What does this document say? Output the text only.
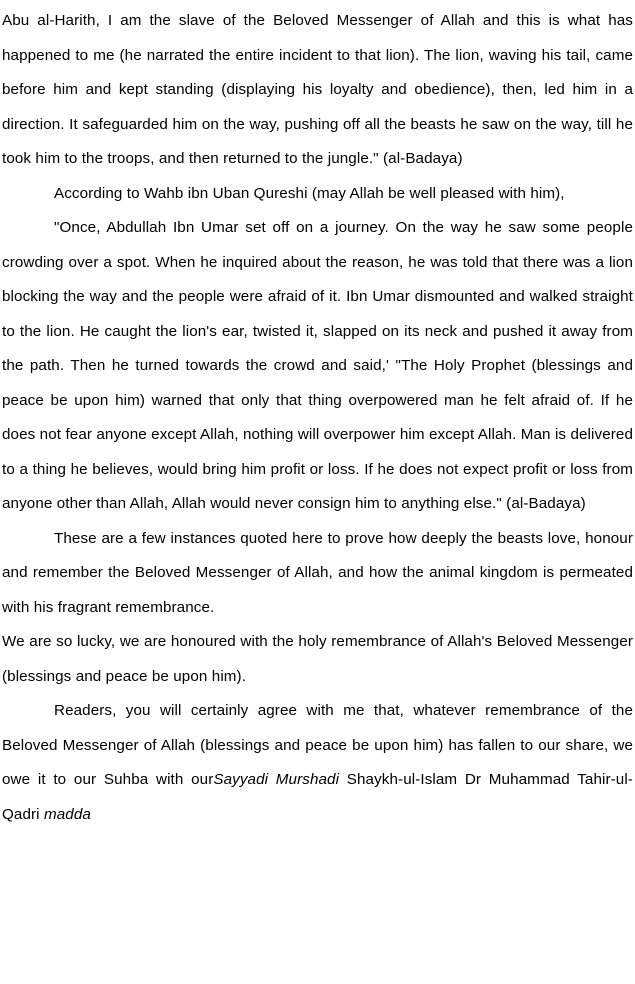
Abu al-Harith, I am the slave of the Beloved Messenger of Allah and this is what has happened to me (he narrated the entire incident to that lion). The lion, waving his tail, came before him and kept standing (displaying his loyalty and obedience), then, led him in a direction. It safeguarded him on the way, pushing off all the beasts he saw on the way, till he took him to the troops, and then returned to the jungle." (al-Badaya)

According to Wahb ibn Uban Qureshi (may Allah be well pleased with him),

"Once, Abdullah Ibn Umar set off on a journey. On the way he saw some people crowding over a spot. When he inquired about the reason, he was told that there was a lion blocking the way and the people were afraid of it. Ibn Umar dismounted and walked straight to the lion. He caught the lion's ear, twisted it, slapped on its neck and pushed it away from the path. Then he turned towards the crowd and said,' "The Holy Prophet (blessings and peace be upon him) warned that only that thing overpowered man he felt afraid of. If he does not fear anyone except Allah, nothing will overpower him except Allah. Man is delivered to a thing he believes, would bring him profit or loss. If he does not expect profit or loss from anyone other than Allah, Allah would never consign him to anything else." (al-Badaya)

These are a few instances quoted here to prove how deeply the beasts love, honour and remember the Beloved Messenger of Allah, and how the animal kingdom is permeated with his fragrant remembrance.

We are so lucky, we are honoured with the holy remembrance of Allah's Beloved Messenger (blessings and peace be upon him).

Readers, you will certainly agree with me that, whatever remembrance of the Beloved Messenger of Allah (blessings and peace be upon him) has fallen to our share, we owe it to our Suhba with ourSayyadi Murshadi Shaykh-ul-Islam Dr Muhammad Tahir-ul-Qadri madda
